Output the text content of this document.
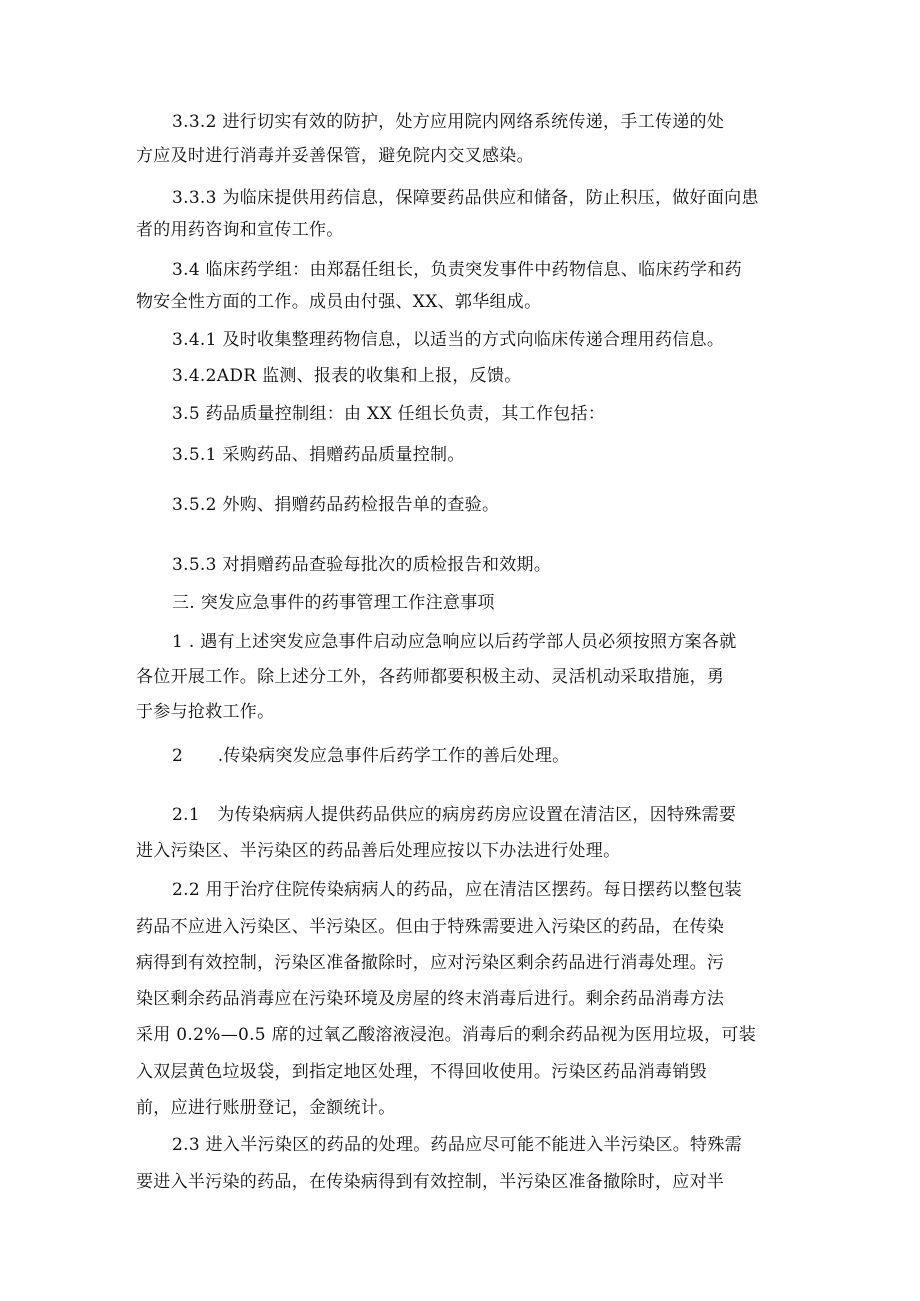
3.3.2 进行切实有效的防护，处方应用院内网络系统传递，手工传递的处
方应及时进行消毒并妥善保管，避免院内交叉感染。
3.3.3 为临床提供用药信息，保障要药品供应和储备，防止积压，做好面向患
者的用药咨询和宣传工作。
3.4 临床药学组：由郑磊任组长，负责突发事件中药物信息、临床药学和药
物安全性方面的工作。成员由付强、XX、郭华组成。
3.4.1 及时收集整理药物信息，以适当的方式向临床传递合理用药信息。
3.4.2ADR 监测、报表的收集和上报，反馈。
3.5 药品质量控制组：由 XX 任组长负责，其工作包括：
3.5.1 采购药品、捐赠药品质量控制。
3.5.2 外购、捐赠药品药检报告单的查验。
3.5.3 对捐赠药品查验每批次的质检报告和效期。
三. 突发应急事件的药事管理工作注意事项
1 . 遇有上述突发应急事件启动应急响应以后药学部人员必须按照方案各就
各位开展工作。除上述分工外，各药师都要积极主动、灵活机动采取措施，勇
于参与抢救工作。
2　　.传染病突发应急事件后药学工作的善后处理。
2.1　为传染病病人提供药品供应的病房药房应设置在清洁区，因特殊需要
进入污染区、半污染区的药品善后处理应按以下办法进行处理。
2.2 用于治疗住院传染病病人的药品，应在清洁区摆药。每日摆药以整包装
药品不应进入污染区、半污染区。但由于特殊需要进入污染区的药品，在传染
病得到有效控制，污染区准备撤除时，应对污染区剩余药品进行消毒处理。污
染区剩余药品消毒应在污染环境及房屋的终末消毒后进行。剩余药品消毒方法
采用 0.2%—0.5 席的过氧乙酸溶液浸泡。消毒后的剩余药品视为医用垃圾，可装
入双层黄色垃圾袋，到指定地区处理，不得回收使用。污染区药品消毒销毁
前，应进行账册登记，金额统计。
2.3 进入半污染区的药品的处理。药品应尽可能不能进入半污染区。特殊需
要进入半污染的药品，在传染病得到有效控制，半污染区准备撤除时，应对半
